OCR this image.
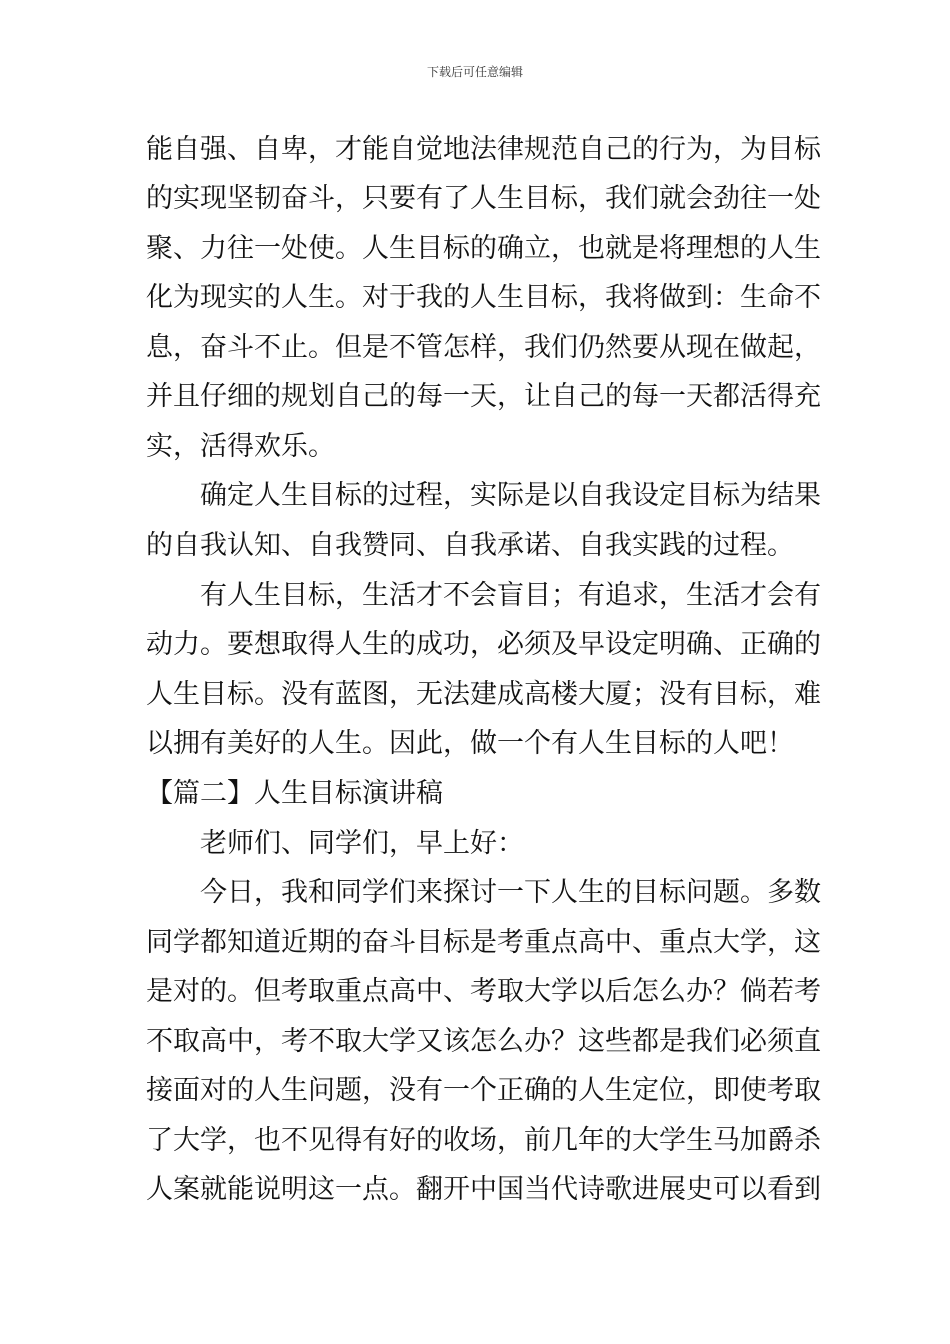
下载后可任意编辑
能自强、自卑，才能自觉地法律规范自己的行为，为目标
的实现坚韧奋斗，只要有了人生目标，我们就会劲往一处
聚、力往一处使。人生目标的确立，也就是将理想的人生
化为现实的人生。对于我的人生目标，我将做到：生命不
息，奋斗不止。但是不管怎样，我们仍然要从现在做起，
并且仔细的规划自己的每一天，让自己的每一天都活得充
实，活得欢乐。
确定人生目标的过程，实际是以自我设定目标为结果
的自我认知、自我赞同、自我承诺、自我实践的过程。
有人生目标，生活才不会盲目；有追求，生活才会有
动力。要想取得人生的成功，必须及早设定明确、正确的
人生目标。没有蓝图，无法建成高楼大厦；没有目标，难
以拥有美好的人生。因此，做一个有人生目标的人吧！
【篇二】人生目标演讲稿
老师们、同学们，早上好：
今日，我和同学们来探讨一下人生的目标问题。多数
同学都知道近期的奋斗目标是考重点高中、重点大学，这
是对的。但考取重点高中、考取大学以后怎么办？倘若考
不取高中，考不取大学又该怎么办？这些都是我们必须直
接面对的人生问题，没有一个正确的人生定位，即使考取
了大学，也不见得有好的收场，前几年的大学生马加爵杀
人案就能说明这一点。翻开中国当代诗歌进展史可以看到
